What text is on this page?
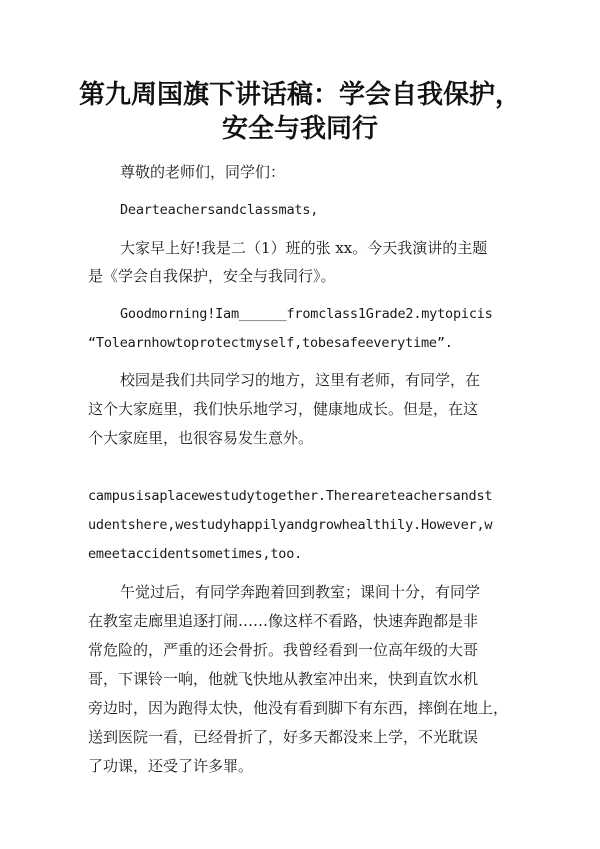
第九周国旗下讲话稿：学会自我保护，
安全与我同行
尊敬的老师们，同学们：
Dearteachersandclassmats,
大家早上好!我是二（1）班的张 xx。今天我演讲的主题
是《学会自我保护，安全与我同行》。
Goodmorning!Iam______fromclass1Grade2.mytopicis
“Tolearnhowtoprotectmyself,tobesafeeverytime”.
校园是我们共同学习的地方，这里有老师，有同学，在
这个大家庭里，我们快乐地学习，健康地成长。但是，在这
个大家庭里，也很容易发生意外。
campusisaplacewestudytogether.Thereareteachersandst
udentshere,westudyhappilyandgrowhealthily.However,w
emeetaccidentsometimes,too.
午觉过后，有同学奔跑着回到教室；课间十分，有同学
在教室走廊里追逐打闹……像这样不看路，快速奔跑都是非
常危险的，严重的还会骨折。我曾经看到一位高年级的大哥
哥，下课铃一响，他就飞快地从教室冲出来，快到直饮水机
旁边时，因为跑得太快，他没有看到脚下有东西，摔倒在地上，
送到医院一看，已经骨折了，好多天都没来上学，不光耽误
了功课，还受了许多罪。
